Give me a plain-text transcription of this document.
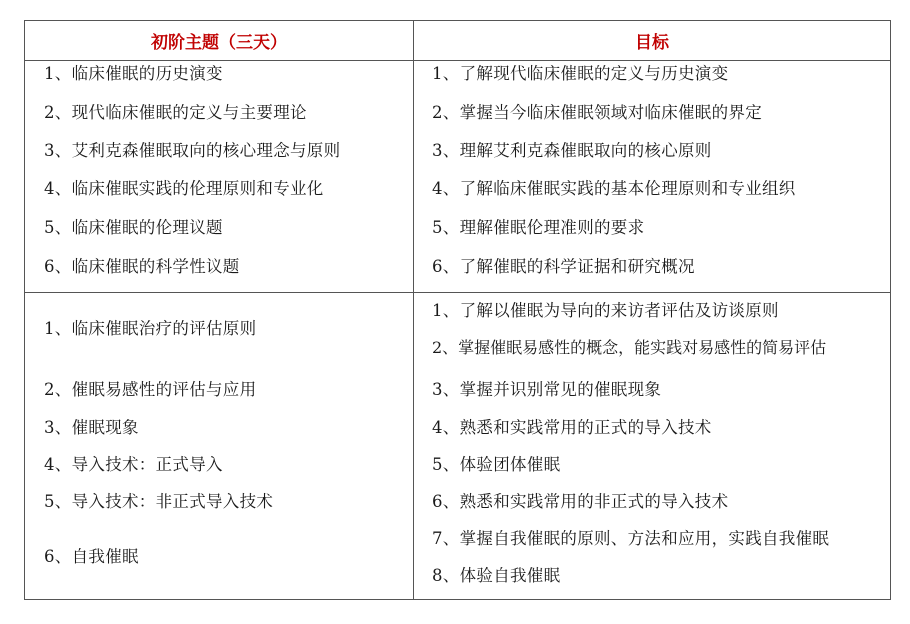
初阶主题（三天）	目标
1、临床催眠的历史演变
2、现代临床催眠的定义与主要理论
3、艾利克森催眠取向的核心理念与原则
4、临床催眠实践的伦理原则和专业化
5、临床催眠的伦理议题
6、临床催眠的科学性议题
1、了解现代临床催眠的定义与历史演变
2、掌握当今临床催眠领域对临床催眠的界定
3、理解艾利克森催眠取向的核心原则
4、了解临床催眠实践的基本伦理原则和专业组织
5、理解催眠伦理准则的要求
6、了解催眠的科学证据和研究概况
1、临床催眠治疗的评估原则
2、催眠易感性的评估与应用
3、催眠现象
4、导入技术：正式导入
5、导入技术：非正式导入技术
6、自我催眠
1、了解以催眠为导向的来访者评估及访谈原则
2、掌握催眠易感性的概念，能实践对易感性的简易评估
3、掌握并识别常见的催眠现象
4、熟悉和实践常用的正式的导入技术
5、体验团体催眠
6、熟悉和实践常用的非正式的导入技术
7、掌握自我催眠的原则、方法和应用，实践自我催眠
8、体验自我催眠
